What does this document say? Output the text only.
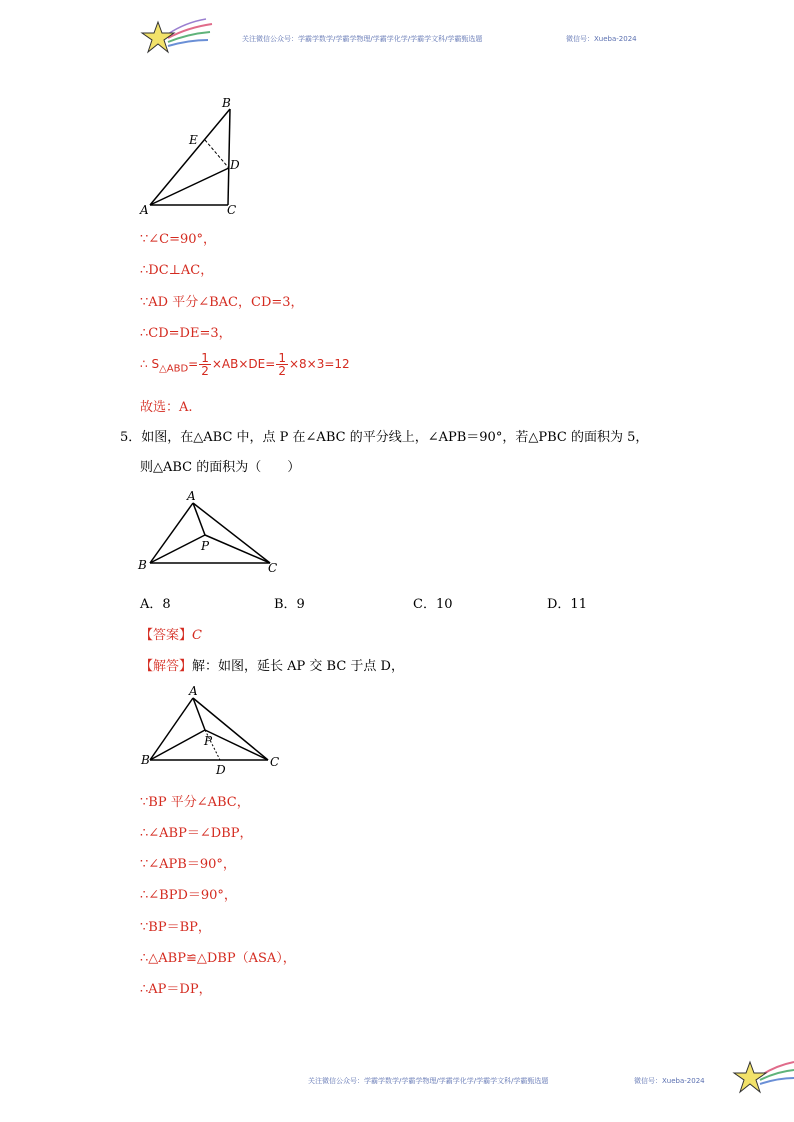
关注微信公众号：学霸学数学/学霸学物理/学霸学化学/学霸学文科/学霸甄选题	微信号：Xueba-2024
B
E
D
A	C
∵∠C=90°，
∴DC⊥AC，
∵AD 平分∠BAC，CD=3，
∴CD=DE=3，
∴ $S_{\triangle ABD}= \frac{1}{2} \times AB\times DE= \frac{1}{2} \times 8\times 3=12$
故选：A.
5．如图，在△ABC 中，点 P 在∠ABC 的平分线上，∠APB＝90°，若△PBC 的面积为 5，
则△ABC 的面积为（　　）
A
P
B	C
A．8	B．9	C．10	D．11
【答案】C
【解答】解：如图，延长 AP 交 BC 于点 D，
A
P
B	C
D
∵BP 平分∠ABC，
∴∠ABP＝∠DBP，
∵∠APB＝90°，
∴∠BPD＝90°，
∵BP＝BP，
∴△ABP≌△DBP（ASA），
∴AP＝DP，
关注微信公众号：学霸学数学/学霸学物理/学霸学化学/学霸学文科/学霸甄选题	微信号：Xueba-2024
